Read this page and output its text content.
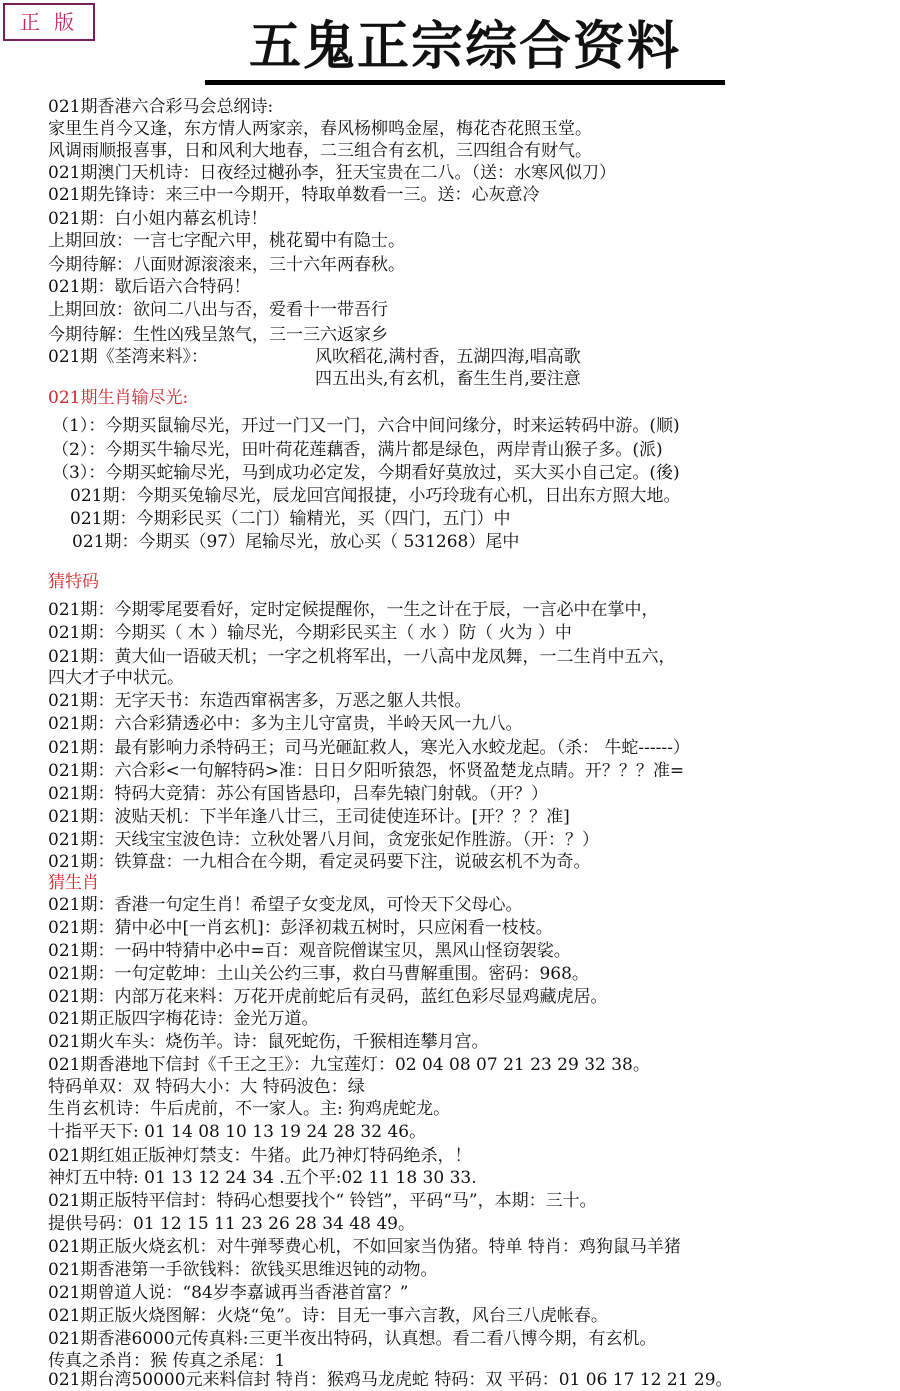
正 版	五鬼正宗综合资料
021期香港六合彩马会总纲诗:
家里生肖今又逢，东方情人两家亲，春风杨柳鸣金屋，梅花杏花照玉堂。
风调雨顺报喜事，日和风利大地春，二三组合有玄机，三四组合有财气。
021期澳门天机诗：日夜经过樾孙李，狂天宝贵在二八。（送：水寒风似刀）
021期先锋诗：来三中一今期开，特取单数看一三。送：心灰意冷
021期：白小姐内幕玄机诗！
上期回放：一言七字配六甲，桃花蜀中有隐士。
今期待解：八面财源滚滚来，三十六年两春秋。
021期：歇后语六合特码！
上期回放：欲问二八出与否，爱看十一带吾行
今期待解：生性凶残呈煞气，三一三六返家乡
021期《荃湾来料》：	风吹稻花,满村香，五湖四海,唱高歌
四五出头,有玄机，畜生生肖,要注意
021期生肖输尽光:
（1）：今期买鼠输尽光，开过一门又一门，六合中间问缘分，时来运转码中游。(顺)
（2）：今期买牛输尽光，田叶荷花莲藕香，满片都是绿色，两岸青山猴子多。(派)
（3）：今期买蛇输尽光，马到成功必定发，今期看好莫放过，买大买小自己定。(後)
021期：今期买兔输尽光，辰龙回宫闻报捷，小巧玲珑有心机，日出东方照大地。
021期：今期彩民买（二门）输精光，买（四门，五门）中
021期：今期买（97）尾输尽光，放心买（ 531268）尾中
猜特码
021期：今期零尾要看好，定时定候提醒你，一生之计在于辰，一言必中在掌中，
021期：今期买（ 木 ）输尽光，今期彩民买主（ 水 ）防（ 火为 ）中
021期：黄大仙一语破天机；一字之机将军出，一八高中龙凤舞，一二生肖中五六，
四大才子中状元。
021期：无字天书：东造西窜祸害多，万恶之躯人共恨。
021期：六合彩猜透必中：多为主儿守富贵，半岭天风一九八。
021期：最有影响力杀特码王；司马光砸缸救人，寒光入水蛟龙起。（杀： 牛蛇------）
021期：六合彩<一句解特码>准：日日夕阳听猿怨，怀贤盈楚龙点睛。开？？？准=
021期：特码大竞猜：苏公有国皆悬印，吕奉先辕门射戟。（开？）
021期：波贴天机：下半年逢八廿三，王司徒使连环计。[开？？？准]
021期：天线宝宝波色诗：立秋处署八月间，贪宠张妃作胜游。（开：？）
021期：铁算盘：一九相合在今期，看定灵码要下注，说破玄机不为奇。
猜生肖
021期：香港一句定生肖！希望子女变龙凤，可怜天下父母心。
021期：猜中必中[一肖玄机]：彭泽初栽五树时，只应闲看一枝枝。
021期：一码中特猜中必中=百：观音院僧谋宝贝，黑风山怪窃袈裟。
021期：一句定乾坤：土山关公约三事，救白马曹解重围。密码：968。
021期：内部万花来料：万花开虎前蛇后有灵码，蓝红色彩尽显鸡藏虎居。
021期正版四字梅花诗：金光万道。
021期火车头：烧伤羊。诗：鼠死蛇伤，千猴相连攀月宫。
021期香港地下信封《千王之王》：九宝莲灯：02 04 08 07 21 23 29 32 38。
特码单双：双 特码大小：大 特码波色：绿
生肖玄机诗：牛后虎前，不一家人。主: 狗鸡虎蛇龙。
十指平天下: 01 14 08 10 13 19 24 28 32 46。
021期红姐正版神灯禁支：牛猪。此乃神灯特码绝杀，！
神灯五中特: 01 13 12 24 34 .五个平:02 11 18 30 33.
021期正版特平信封：特码心想要找个“ 铃铛”，平码“马”，本期：三十。
提供号码：01 12 15 11 23 26 28 34 48 49。
021期正版火烧玄机：对牛弹琴费心机，不如回家当伪猪。特单 特肖：鸡狗鼠马羊猪
021期香港第一手欲钱料：欲钱买思维迟钝的动物。
021期曾道人说：“84岁李嘉诚再当香港首富？”
021期正版火烧图解：火烧“兔”。诗：目无一事六言教，风台三八虎帐春。
021期香港6000元传真料:三更半夜出特码，认真想。看二看八博今期，有玄机。
传真之杀肖：猴 传真之杀尾：1
021期台湾50000元来料信封 特肖：猴鸡马龙虎蛇 特码：双 平码：01 06 17 12 21 29。
